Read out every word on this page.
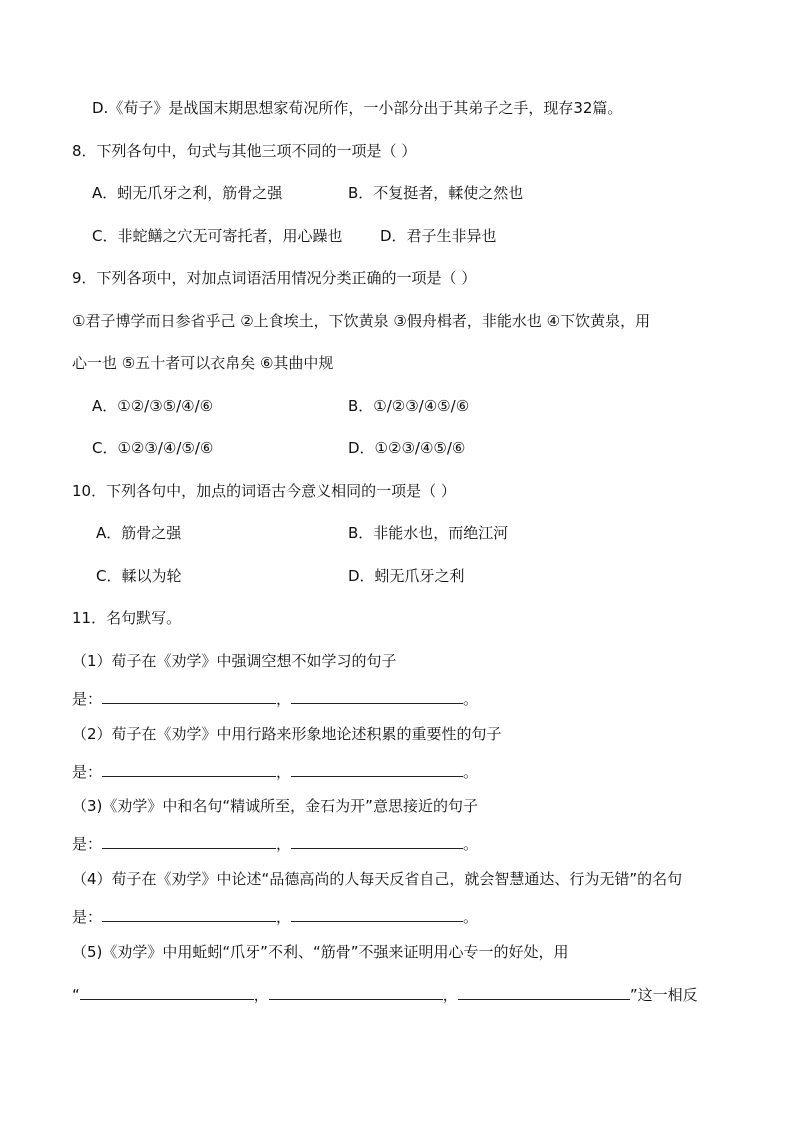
D.《荀子》是战国末期思想家荀况所作，一小部分出于其弟子之手，现存32篇。
8．下列各句中，句式与其他三项不同的一项是（ ）
A．蚓无爪牙之利，筋骨之强	B．不复挺者，輮使之然也
C．非蛇鳝之穴无可寄托者，用心躁也	D．君子生非异也
9．下列各项中，对加点词语活用情况分类正确的一项是（ ）
①君子博学而日参省乎己 ②上食埃土，下饮黄泉 ③假舟楫者，非能水也 ④下饮黄泉，用
心一也 ⑤五十者可以衣帛矣 ⑥其曲中规
A．①②/③⑤/④/⑥	B．①/②③/④⑤/⑥
C．①②③/④/⑤/⑥	D．①②③/④⑤/⑥
10．下列各句中，加点的词语古今意义相同的一项是（ ）
A．筋骨之强	B．非能水也，而绝江河
C．輮以为轮	D．蚓无爪牙之利
11．名句默写。
（1）荀子在《劝学》中强调空想不如学习的句子
是：	，	。
（2）荀子在《劝学》中用行路来形象地论述积累的重要性的句子
是：	，	。
（3)《劝学》中和名句“精诚所至，金石为开”意思接近的句子
是：	，	。
（4）荀子在《劝学》中论述“品德高尚的人每天反省自己，就会智慧通达、行为无错”的名句
是：	，	。
（5)《劝学》中用蚯蚓“爪牙”不利、“筋骨”不强来证明用心专一的好处，用
“	，	，	”这一相反
